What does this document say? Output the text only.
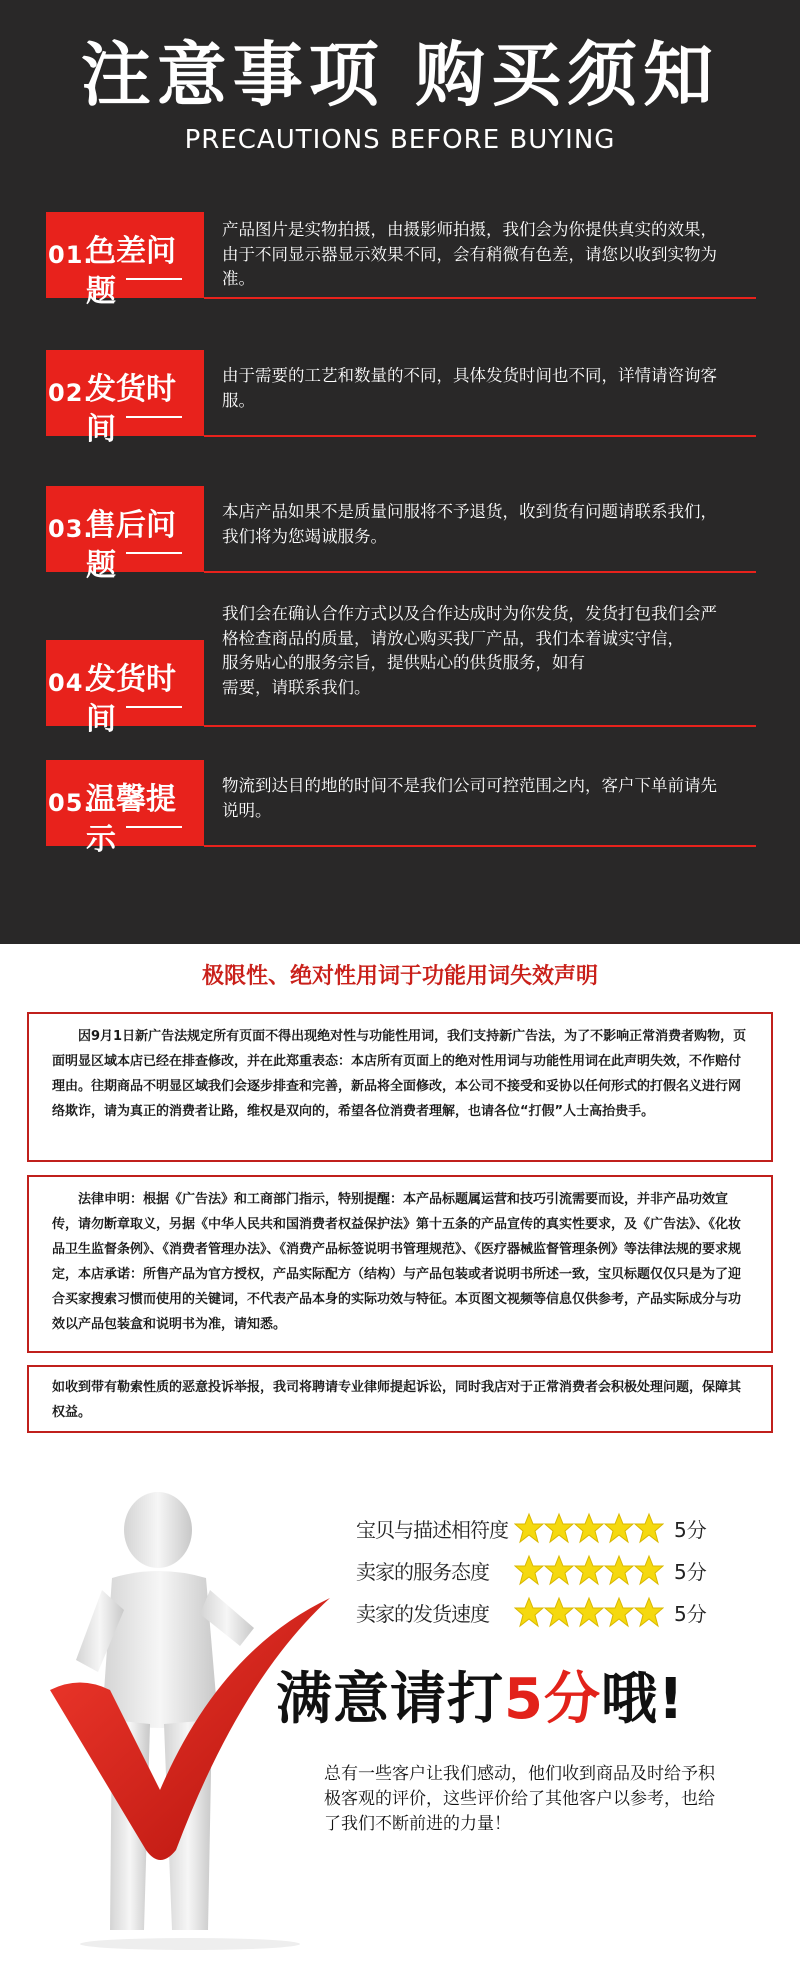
注意事项 购买须知
PRECAUTIONS BEFORE BUYING
01.
色差问题
产品图片是实物拍摄，由摄影师拍摄，我们会为你提供真实的效果，由于不同显示器显示效果不同，会有稍微有色差，请您以收到实物为准。
02.
发货时间
由于需要的工艺和数量的不同，具体发货时间也不同，详情请咨询客服。
03.
售后问题
本店产品如果不是质量问服将不予退货，收到货有问题请联系我们，我们将为您竭诚服务。
04.
发货时间
我们会在确认合作方式以及合作达成时为你发货，发货打包我们会严格检查商品的质量，请放心购买我厂产品，我们本着诚实守信，
服务贴心的服务宗旨，提供贴心的供货服务，如有
需要，请联系我们。
05.
温馨提示
物流到达目的地的时间不是我们公司可控范围之内，客户下单前请先说明。
极限性、绝对性用词于功能用词失效声明

因9月1日新广告法规定所有页面不得出现绝对性与功能性用词，我们支持新广告法，为了不影响正常消费者购物，页面明显区域本店已经在排查修改，并在此郑重表态：本店所有页面上的绝对性用词与功能性用词在此声明失效，不作赔付理由。往期商品不明显区域我们会逐步排查和完善，新品将全面修改，本公司不接受和妥协以任何形式的打假名义进行网络欺诈，请为真正的消费者让路，维权是双向的，希望各位消费者理解，也请各位“打假”人士高抬贵手。

法律申明：根据《广告法》和工商部门指示，特别提醒：本产品标题属运营和技巧引流需要而设，并非产品功效宣传，请勿断章取义，另据《中华人民共和国消费者权益保护法》第十五条的产品宣传的真实性要求，及《广告法》、《化妆品卫生监督条例》、《消费者管理办法》、《消费产品标签说明书管理规范》、《医疗器械监督管理条例》等法律法规的要求规定，本店承诺：所售产品为官方授权，产品实际配方（结构）与产品包装或者说明书所述一致，宝贝标题仅仅只是为了迎合买家搜索习惯而使用的关键词，不代表产品本身的实际功效与特征。本页图文视频等信息仅供参考，产品实际成分与功效以产品包装盒和说明书为准，请知悉。

如收到带有勒索性质的恶意投诉举报，我司将聘请专业律师提起诉讼，同时我店对于正常消费者会积极处理问题，保障其权益。

宝贝与描述相符度	5分
卖家的服务态度	5分
卖家的发货速度	5分
满意请打5分哦!
总有一些客户让我们感动，他们收到商品及时给予积极客观的评价，这些评价给了其他客户以参考，也给了我们不断前进的力量！
